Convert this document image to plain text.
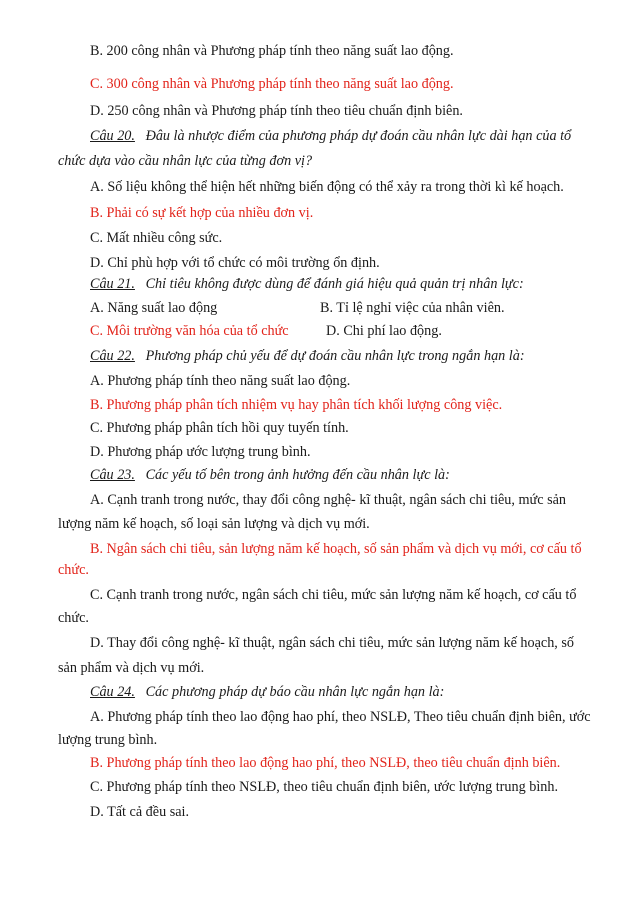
B. 200 công nhân và Phương pháp tính theo năng suất lao động.
C. 300 công nhân và Phương pháp tính theo năng suất lao động.
D. 250 công nhân và Phương pháp tính theo tiêu chuẩn định biên.
Câu 20. Đâu là nhược điểm của phương pháp dự đoán cầu nhân lực dài hạn của tổ
chức dựa vào cầu nhân lực của từng đơn vị?
A. Số liệu không thể hiện hết những biến động có thể xảy ra trong thời kì kế hoạch.
B. Phải có sự kết hợp của nhiều đơn vị.
C. Mất nhiều công sức.
D. Chỉ phù hợp với tổ chức có môi trường ổn định.
Câu 21. Chỉ tiêu không được dùng để đánh giá hiệu quả quản trị nhân lực:
A. Năng suất lao động	B. Tỉ lệ nghỉ việc của nhân viên.
C. Môi trường văn hóa của tổ chức	D. Chi phí lao động.
Câu 22. Phương pháp chủ yếu để dự đoán cầu nhân lực trong ngắn hạn là:
A. Phương pháp tính theo năng suất lao động.
B. Phương pháp phân tích nhiệm vụ hay phân tích khối lượng công việc.
C. Phương pháp phân tích hồi quy tuyến tính.
D. Phương pháp ước lượng trung bình.
Câu 23. Các yếu tố bên trong ảnh hưởng đến cầu nhân lực là:
A. Cạnh tranh trong nước, thay đổi công nghệ- kĩ thuật, ngân sách chi tiêu, mức sản
lượng năm kế hoạch, số loại sản lượng và dịch vụ mới.
B. Ngân sách chi tiêu, sản lượng năm kế hoạch, số sản phẩm và dịch vụ mới, cơ cấu tổ
chức.
C. Cạnh tranh trong nước, ngân sách chi tiêu, mức sản lượng năm kế hoạch, cơ cấu tổ
chức.
D. Thay đổi công nghệ- kĩ thuật, ngân sách chi tiêu, mức sản lượng năm kế hoạch, số
sản phẩm và dịch vụ mới.
Câu 24. Các phương pháp dự báo cầu nhân lực ngắn hạn là:
A. Phương pháp tính theo lao động hao phí, theo NSLĐ, Theo tiêu chuẩn định biên, ước
lượng trung bình.
B. Phương pháp tính theo lao động hao phí, theo NSLĐ, theo tiêu chuẩn định biên.
C. Phương pháp tính theo NSLĐ, theo tiêu chuẩn định biên, ước lượng trung bình.
D. Tất cả đều sai.
